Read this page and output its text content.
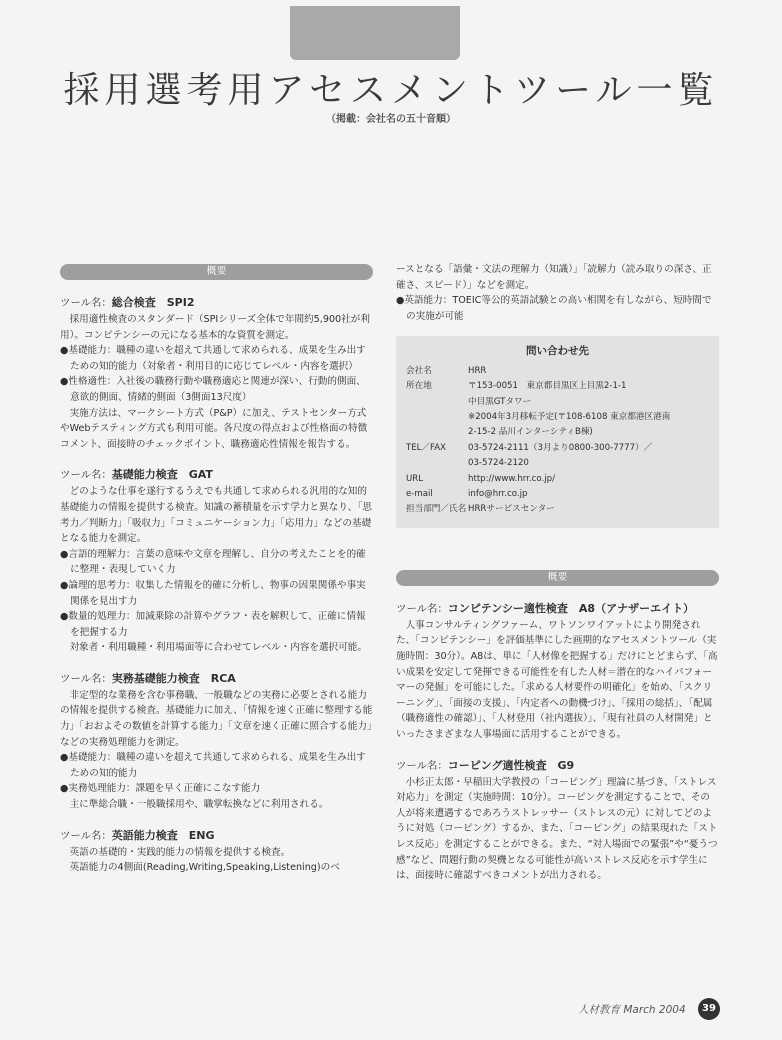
採用選考用アセスメントツール一覧
（掲載：会社名の五十音順）
概要
ツール名：総合検査　SPI2

採用適性検査のスタンダード（SPIシリーズ全体で年間約5,900社が利用）。コンピテンシーの元になる基本的な資質を測定。

●基礎能力：職種の違いを超えて共通して求められる、成果を生み出すための知的能力（対象者・利用目的に応じてレベル・内容を選択）

●性格適性：入社後の職務行動や職務適応と関連が深い、行動的側面、意欲的側面、情緒的側面（3側面13尺度）

実施方法は、マークシート方式（P&P）に加え、テストセンター方式やWebテスティング方式も利用可能。各尺度の得点および性格面の特徴コメント、面接時のチェックポイント、職務適応性情報を報告する。

ツール名：基礎能力検査　GAT

どのような仕事を遂行するうえでも共通して求められる汎用的な知的基礎能力の情報を提供する検査。知識の蓄積量を示す学力と異なり、「思考力／判断力」「吸収力」「コミュニケーション力」「応用力」などの基礎となる能力を測定。

●言語的理解力：言葉の意味や文章を理解し、自分の考えたことを的確に整理・表現していく力

●論理的思考力：収集した情報を的確に分析し、物事の因果関係や事実関係を見出す力

●数量的処理力：加減乗除の計算やグラフ・表を解釈して、正確に情報を把握する力

対象者・利用職種・利用場面等に合わせてレベル・内容を選択可能。

ツール名：実務基礎能力検査　RCA

非定型的な業務を含む事務職、一般職などの実務に必要とされる能力の情報を提供する検査。基礎能力に加え、「情報を速く正確に整理する能力」「おおよその数値を計算する能力」「文章を速く正確に照合する能力」などの実務処理能力を測定。

●基礎能力：職種の違いを超えて共通して求められる、成果を生み出すための知的能力

●実務処理能力：課題を早く正確にこなす能力

主に準総合職・一般職採用や、職掌転換などに利用される。

ツール名：英語能力検査　ENG

英語の基礎的・実践的能力の情報を提供する検査。

英語能力の4側面(Reading,Writing,Speaking,Listening)のベ

ースとなる「語彙・文法の理解力（知識）」「読解力（読み取りの深さ、正確さ、スピード）」などを測定。

●英語能力：TOEIC等公的英語試験との高い相関を有しながら、短時間での実施が可能

問い合わせ先
会社名	HRR
所在地	〒153-0051　東京都目黒区上目黒2-1-1
中目黒GTタワー
※2004年3月移転予定(〒108-6108 東京都港区港南
2-15-2 品川インターシティB棟)
TEL／FAX	03-5724-2111（3月より0800-300-7777）／
03-5724-2120
URL	http://www.hrr.co.jp/
e-mail	info@hrr.co.jp
担当部門／氏名 HRRサービスセンター
概要
ツール名：コンピテンシー適性検査　A8（アナザーエイト）

人事コンサルティングファーム、ワトソンワイアットにより開発された、「コンピテンシー」を評価基準にした画期的なアセスメントツール（実施時間：30分）。A8は、単に「人材像を把握する」だけにとどまらず、「高い成果を安定して発揮できる可能性を有した人材＝潜在的なハイパフォーマーの発掘」を可能にした。「求める人材要件の明確化」を始め、「スクリーニング」、「面接の支援」、「内定者への動機づけ」、「採用の総括」、「配属（職務適性の確認）」、「人材登用（社内選抜）」、「現有社員の人材開発」といったさまざまな人事場面に活用することができる。

ツール名：コーピング適性検査　G9

小杉正太郎・早稲田大学教授の「コーピング」理論に基づき、「ストレス対応力」を測定（実施時間：10分）。コーピングを測定することで、その人が将来遭遇するであろうストレッサー（ストレスの元）に対してどのように対処（コーピング）するか、また、「コーピング」の結果現れた「ストレス反応」を測定することができる。また、“対人場面での緊張”や“憂うつ感”など、問題行動の契機となる可能性が高いストレス反応を示す学生には、面接時に確認すべきコメントが出力される。

人材教育 March 2004	39
